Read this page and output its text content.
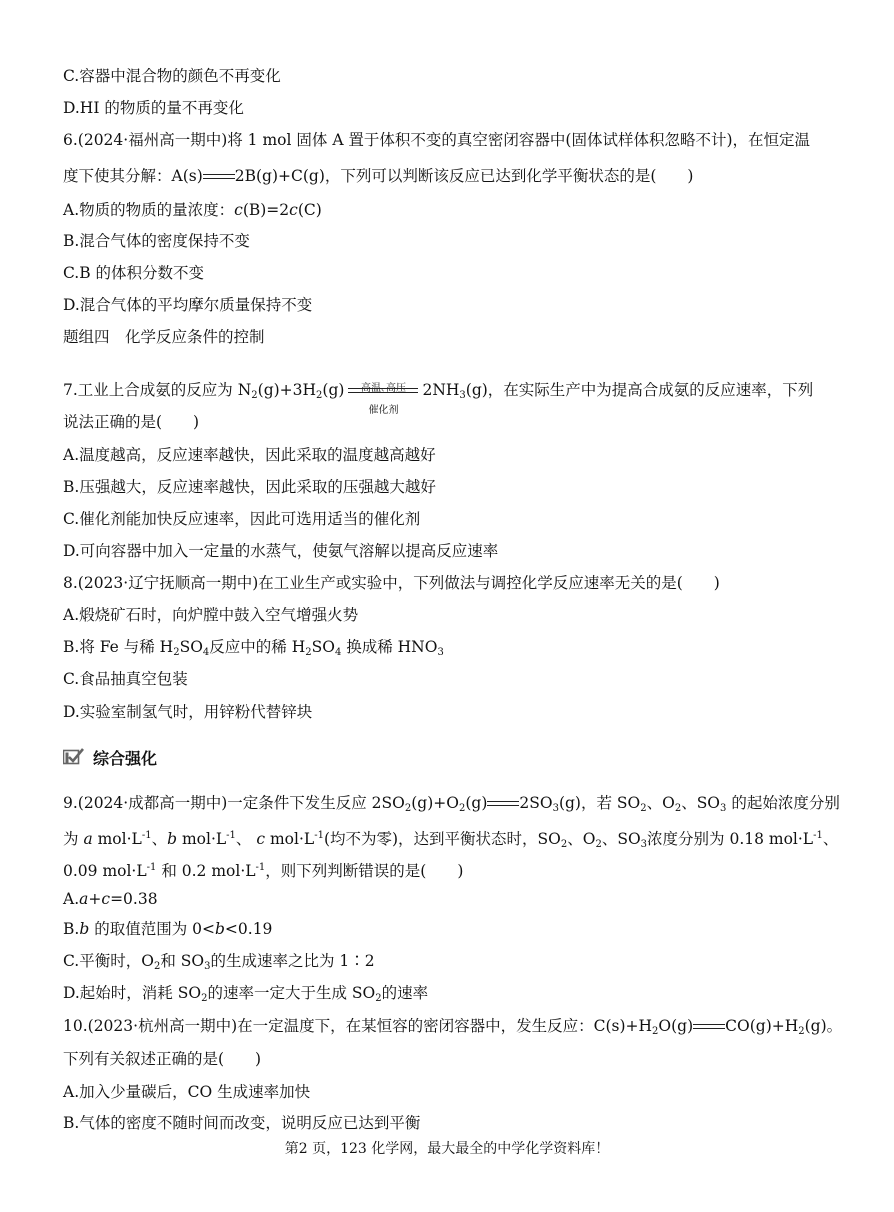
C.容器中混合物的颜色不再变化
D.HI 的物质的量不再变化
6.(2024·福州高一期中)将 1 mol 固体 A 置于体积不变的真空密闭容器中(固体试样体积忽略不计)，在恒定温
度下使其分解：A(s) 2B(g)+C(g)，下列可以判断该反应已达到化学平衡状态的是(　　)
A.物质的物质的量浓度：c(B)=2c(C)
B.混合气体的密度保持不变
C.B 的体积分数不变
D.混合气体的平均摩尔质量保持不变
题组四　化学反应条件的控制
7.工业上合成氨的反应为 $N_2(g)+3H_2(g)$	高温､高压
催化剂
$2NH_3(g)$，在实际生产中为提高合成氨的反应速率，下列
说法正确的是(　　)
A.温度越高，反应速率越快，因此采取的温度越高越好
B.压强越大，反应速率越快，因此采取的压强越大越好
C.催化剂能加快反应速率，因此可选用适当的催化剂
D.可向容器中加入一定量的水蒸气，使氨气溶解以提高反应速率
8.(2023·辽宁抚顺高一期中)在工业生产或实验中，下列做法与调控化学反应速率无关的是(　　)
A.煅烧矿石时，向炉膛中鼓入空气增强火势
B.将 Fe 与稀 $H_2SO_4$反应中的稀 $H_2SO_4$ 换成稀 $HNO_3$
C.食品抽真空包装
D.实验室制氢气时，用锌粉代替锌块
综合强化
9.(2024·成都高一期中)一定条件下发生反应 $2SO_2(g)+O_2(g)$ $2SO_3(g)$，若 $SO_2$、$O_2$、$SO_3$ 的起始浓度分别
为 a $mol\cdot L^{-1}$、b $mol\cdot L^{-1}$、 c $mol\cdot L^{-1}$(均不为零)，达到平衡状态时，$SO_2$、$O_2$、$SO_3$浓度分别为 0.18 $mol\cdot L^{-1}$、
0.09 $mol\cdot L^{-1}$ 和 0.2 $mol\cdot L^{-1}$，则下列判断错误的是(　　)
A.a+c=0.38
B.b 的取值范围为 0<b<0.19
C.平衡时，$O_2$和 $SO_3$的生成速率之比为 1∶2
D.起始时，消耗 $SO_2$的速率一定大于生成 $SO_2$的速率
10.(2023·杭州高一期中)在一定温度下，在某恒容的密闭容器中，发生反应：$C(s)+H_2O(g)$ $CO(g)+H_2(g)$。
下列有关叙述正确的是(　　)
A.加入少量碳后，CO 生成速率加快
B.气体的密度不随时间而改变，说明反应已达到平衡
第2 页，123 化学网，最大最全的中学化学资料库！
